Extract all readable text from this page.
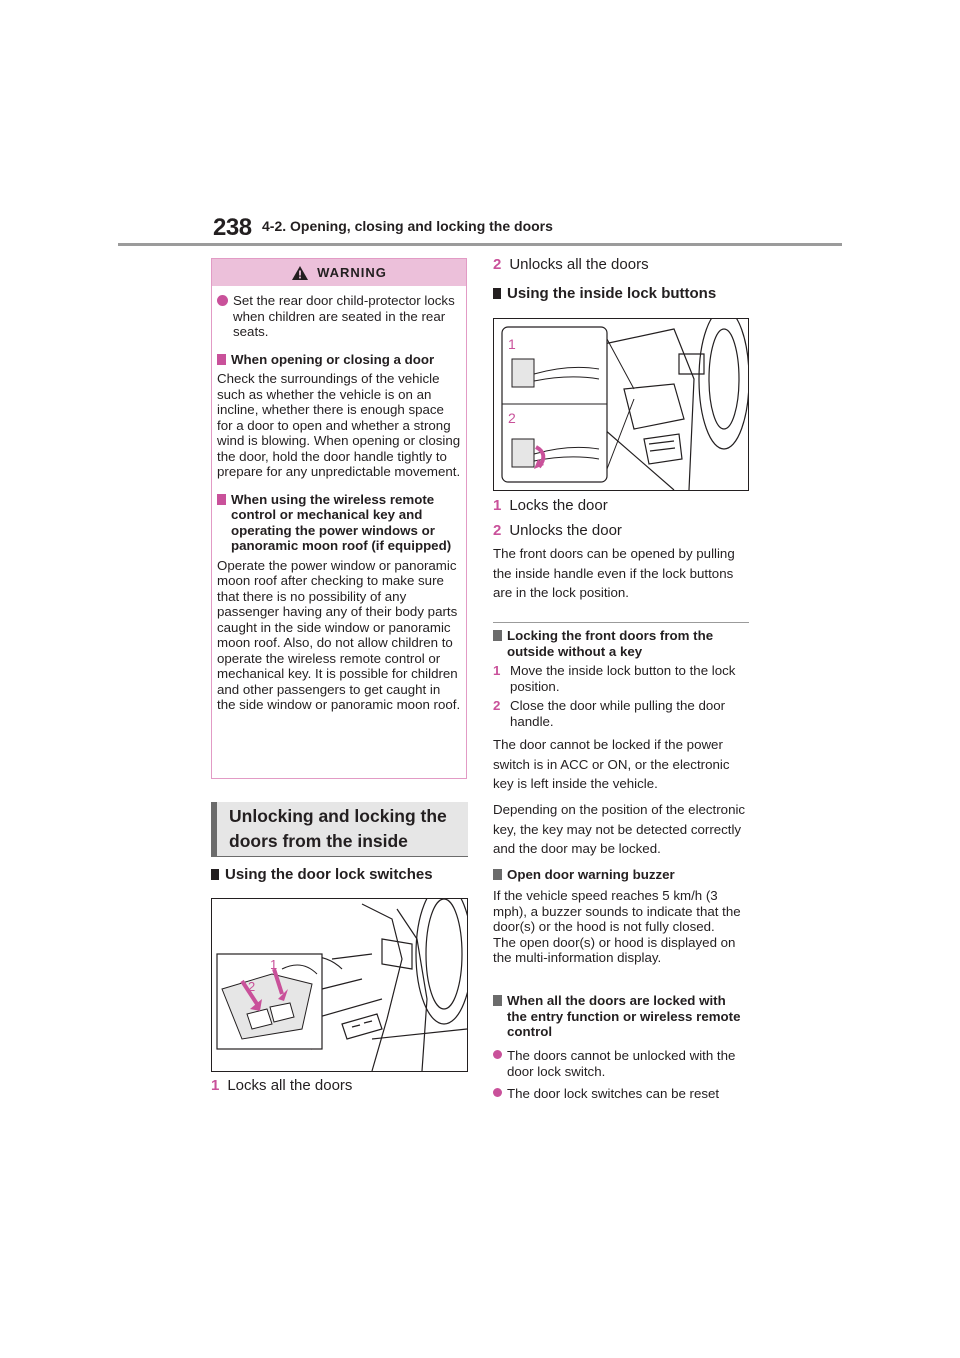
238 4-2. Opening, closing and locking the doors
WARNING
Set the rear door child-protector locks when children are seated in the rear seats.
When opening or closing a door
Check the surroundings of the vehicle such as whether the vehicle is on an incline, whether there is enough space for a door to open and whether a strong wind is blowing. When opening or closing the door, hold the door handle tightly to prepare for any unpredictable movement.
When using the wireless remote control or mechanical key and operating the power windows or panoramic moon roof (if equipped)
Operate the power window or panoramic moon roof after checking to make sure that there is no possibility of any passenger having any of their body parts caught in the side window or panoramic moon roof. Also, do not allow children to operate the wireless remote control or mechanical key. It is possible for children and other passengers to get caught in the side window or panoramic moon roof.
Unlocking and locking the doors from the inside
Using the door lock switches
2
1
1 Locks all the doors
2 Unlocks all the doors
Using the inside lock buttons
1
2
1 Locks the door
2 Unlocks the door
The front doors can be opened by pulling the inside handle even if the lock buttons are in the lock position.
Locking the front doors from the outside without a key
1 Move the inside lock button to the lock position.
2 Close the door while pulling the door handle.
The door cannot be locked if the power switch is in ACC or ON, or the electronic key is left inside the vehicle.
Depending on the position of the electronic key, the key may not be detected correctly and the door may be locked.
Open door warning buzzer
If the vehicle speed reaches 5 km/h (3 mph), a buzzer sounds to indicate that the door(s) or the hood is not fully closed.
The open door(s) or hood is displayed on the multi-information display.
When all the doors are locked with the entry function or wireless remote control
The doors cannot be unlocked with the door lock switch.
The door lock switches can be reset
